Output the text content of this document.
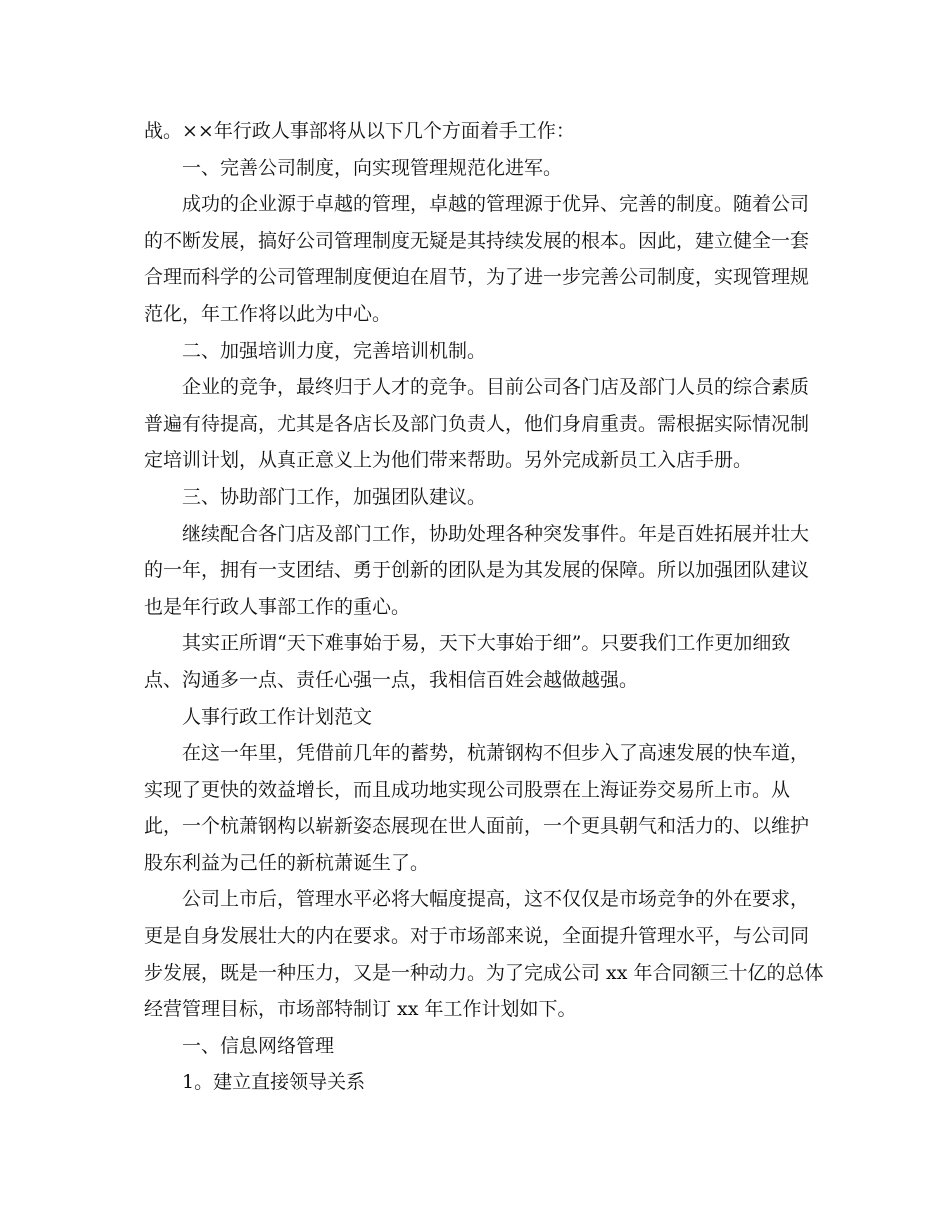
战。××年行政人事部将从以下几个方面着手工作：

一、完善公司制度，向实现管理规范化进军。

成功的企业源于卓越的管理，卓越的管理源于优异、完善的制度。随着公司

的不断发展，搞好公司管理制度无疑是其持续发展的根本。因此，建立健全一套

合理而科学的公司管理制度便迫在眉节，为了进一步完善公司制度，实现管理规

范化，年工作将以此为中心。

二、加强培训力度，完善培训机制。

企业的竞争，最终归于人才的竞争。目前公司各门店及部门人员的综合素质

普遍有待提高，尤其是各店长及部门负责人，他们身肩重责。需根据实际情况制

定培训计划，从真正意义上为他们带来帮助。另外完成新员工入店手册。

三、协助部门工作，加强团队建议。

继续配合各门店及部门工作，协助处理各种突发事件。年是百姓拓展并壮大

的一年，拥有一支团结、勇于创新的团队是为其发展的保障。所以加强团队建议

也是年行政人事部工作的重心。

其实正所谓“天下难事始于易，天下大事始于细”。只要我们工作更加细致

点、沟通多一点、责任心强一点，我相信百姓会越做越强。

人事行政工作计划范文

在这一年里，凭借前几年的蓄势，杭萧钢构不但步入了高速发展的快车道，

实现了更快的效益增长，而且成功地实现公司股票在上海证券交易所上市。从

此，一个杭萧钢构以崭新姿态展现在世人面前，一个更具朝气和活力的、以维护

股东利益为己任的新杭萧诞生了。

公司上市后，管理水平必将大幅度提高，这不仅仅是市场竞争的外在要求，

更是自身发展壮大的内在要求。对于市场部来说，全面提升管理水平，与公司同

步发展，既是一种压力，又是一种动力。为了完成公司 xx 年合同额三十亿的总体

经营管理目标，市场部特制订 xx 年工作计划如下。

一、信息网络管理

1。建立直接领导关系
